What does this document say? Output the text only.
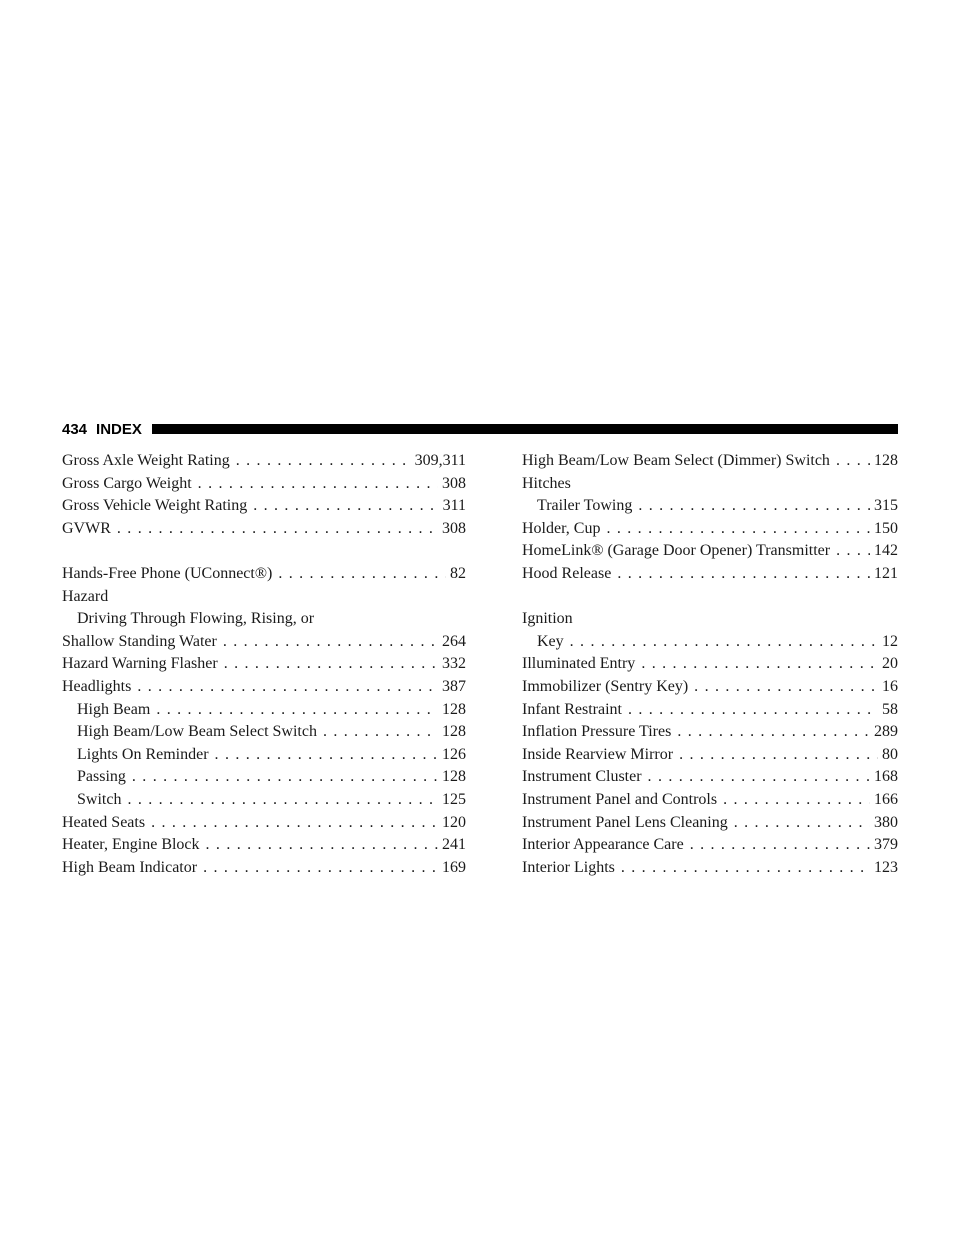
434 INDEX
Gross Axle Weight Rating . . .	309,311
Gross Cargo Weight . . .	308
Gross Vehicle Weight Rating . . .	311
GVWR . . .	308
Hands-Free Phone (UConnect®) . . .	82
Hazard
Driving Through Flowing, Rising, or
Shallow Standing Water . . .	264
Hazard Warning Flasher . . .	332
Headlights . . .	387
High Beam . . .	128
High Beam/Low Beam Select Switch . . .	128
Lights On Reminder . . .	126
Passing . . .	128
Switch . . .	125
Heated Seats . . .	120
Heater, Engine Block . . .	241
High Beam Indicator . . .	169
High Beam/Low Beam Select (Dimmer) Switch . . .	128
Hitches
Trailer Towing . . .	315
Holder, Cup . . .	150
HomeLink® (Garage Door Opener) Transmitter . . .	142
Hood Release . . .	121
Ignition
Key . . .	12
Illuminated Entry . . .	20
Immobilizer (Sentry Key) . . .	16
Infant Restraint . . .	58
Inflation Pressure Tires . . .	289
Inside Rearview Mirror . . .	80
Instrument Cluster . . .	168
Instrument Panel and Controls . . .	166
Instrument Panel Lens Cleaning . . .	380
Interior Appearance Care . . .	379
Interior Lights . . .	123
